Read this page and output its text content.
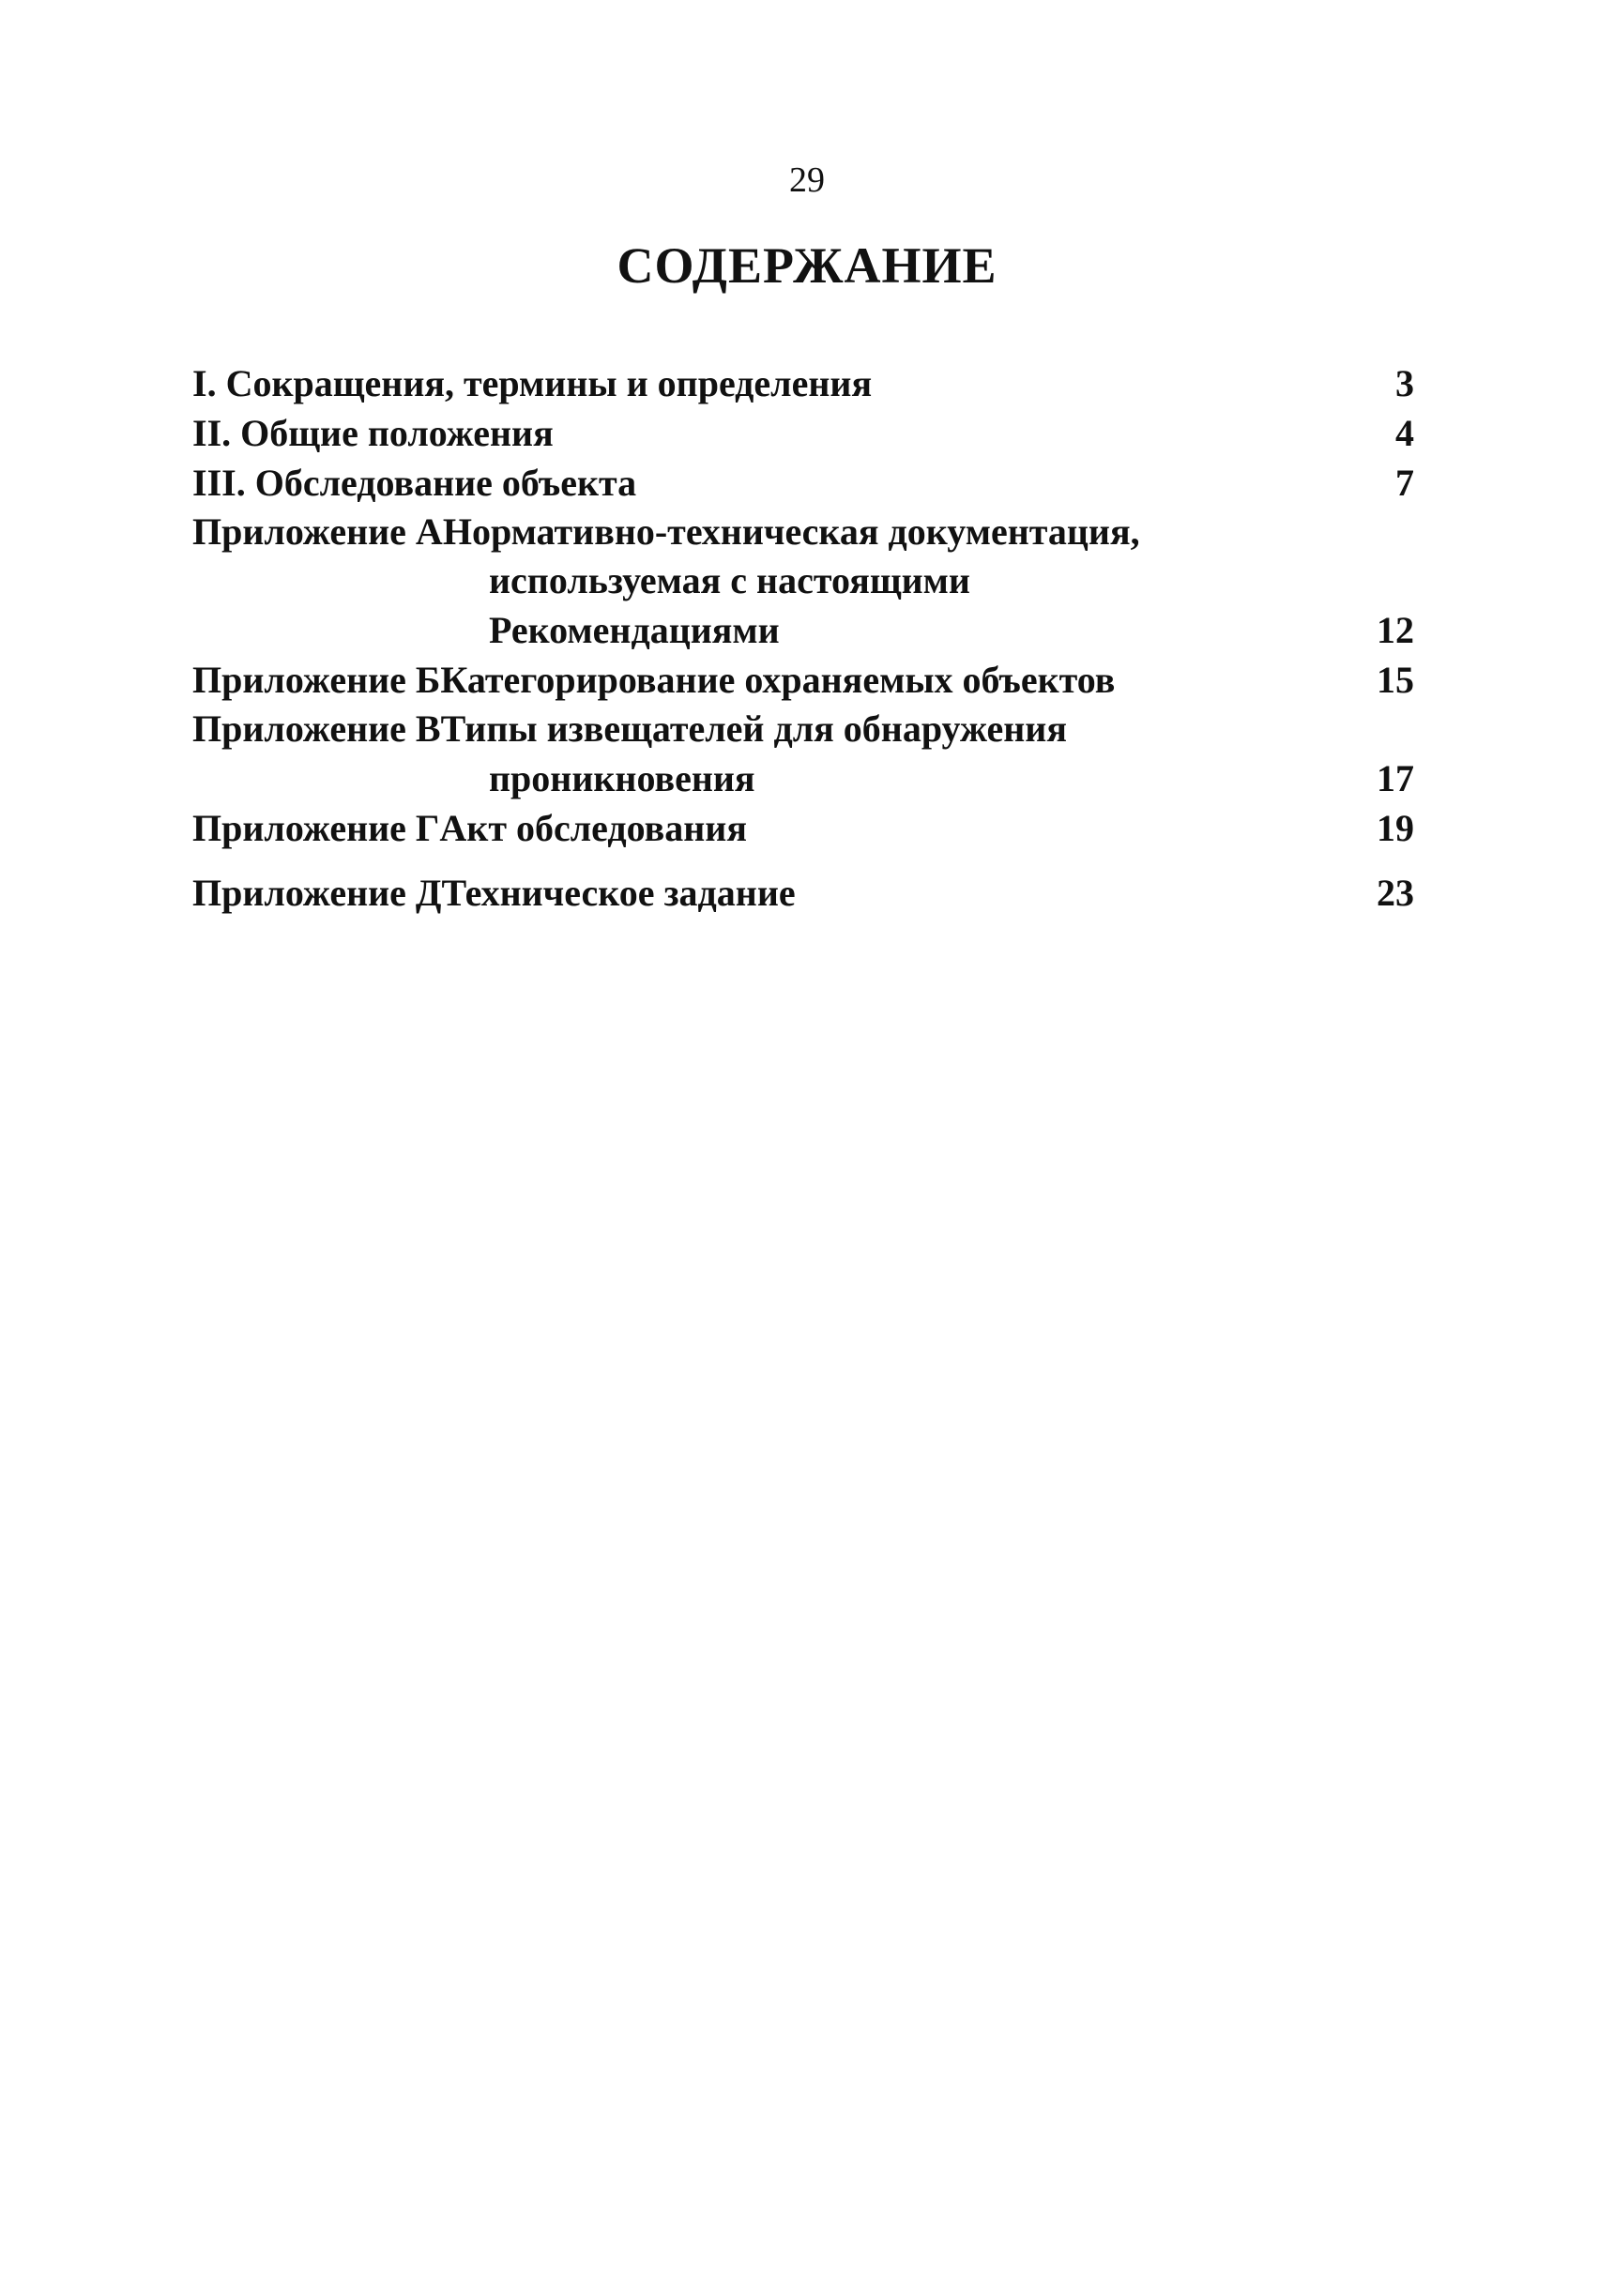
29
СОДЕРЖАНИЕ
I. Сокращения, термины и определения . . .	3
II. Общие положения . . .	4
III. Обследование объекта . . .	7
Приложение А Нормативно-техническая документация,
используемая с настоящими
Рекомендациями . . .	12
Приложение Б Категорирование охраняемых объектов . . .	15
Приложение В Типы извещателей для обнаружения
проникновения . . .	17
Приложение Г Акт обследования . . .	19
Приложение Д Техническое задание . . .	23
